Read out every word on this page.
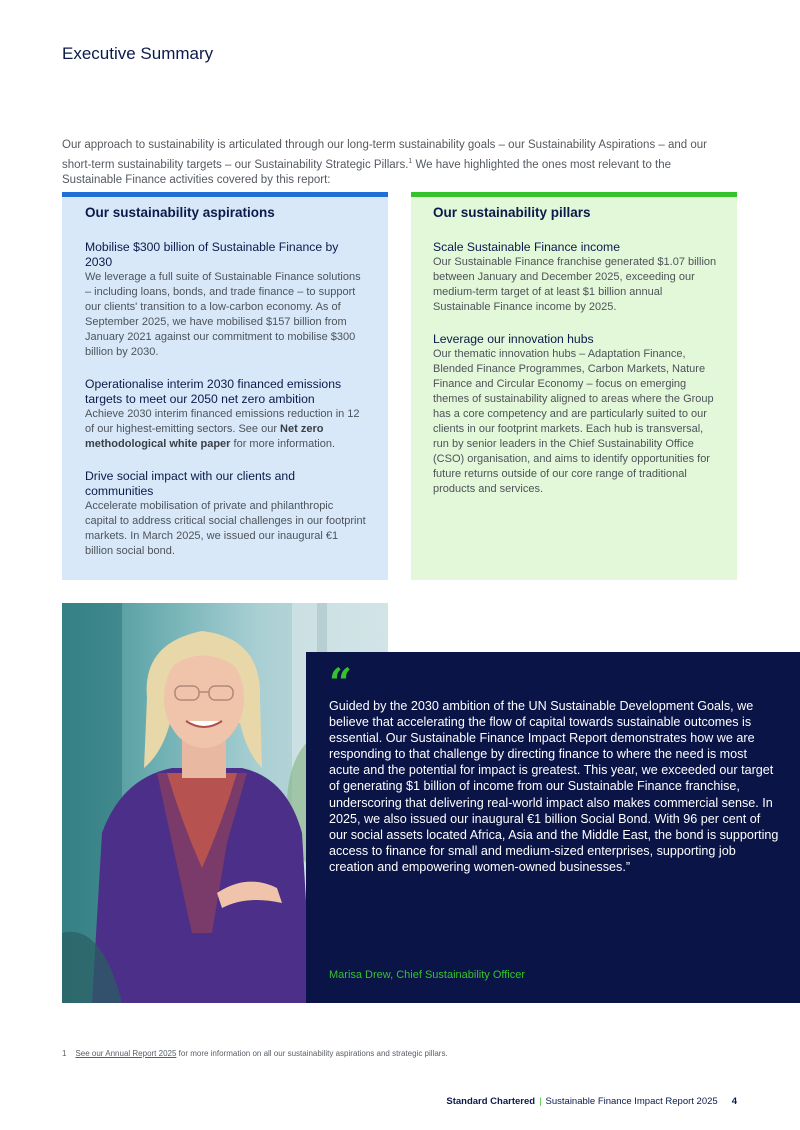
Executive Summary
Our approach to sustainability is articulated through our long-term sustainability goals – our Sustainability Aspirations – and our short-term sustainability targets – our Sustainability Strategic Pillars.$^1$ We have highlighted the ones most relevant to the Sustainable Finance activities covered by this report:
Our sustainability aspirations
Mobilise $300 billion of Sustainable Finance by 2030

We leverage a full suite of Sustainable Finance solutions – including loans, bonds, and trade finance – to support our clients' transition to a low-carbon economy. As of September 2025, we have mobilised $157 billion from January 2021 against our commitment to mobilise $300 billion by 2030.

Operationalise interim 2030 financed emissions targets to meet our 2050 net zero ambition

Achieve 2030 interim financed emissions reduction in 12 of our highest-emitting sectors. See our Net zero methodological white paper for more information.

Drive social impact with our clients and communities

Accelerate mobilisation of private and philanthropic capital to address critical social challenges in our footprint markets. In March 2025, we issued our inaugural €1 billion social bond.

Our sustainability pillars
Scale Sustainable Finance income

Our Sustainable Finance franchise generated $1.07 billion between January and December 2025, exceeding our medium-term target of at least $1 billion annual Sustainable Finance income by 2025.

Leverage our innovation hubs

Our thematic innovation hubs – Adaptation Finance, Blended Finance Programmes, Carbon Markets, Nature Finance and Circular Economy – focus on emerging themes of sustainability aligned to areas where the Group has a core competency and are particularly suited to our clients in our footprint markets. Each hub is transversal, run by senior leaders in the Chief Sustainability Office (CSO) organisation, and aims to identify opportunities for future returns outside of our core range of traditional products and services.

“
Guided by the 2030 ambition of the UN Sustainable Development Goals, we believe that accelerating the flow of capital towards sustainable outcomes is essential. Our Sustainable Finance Impact Report demonstrates how we are responding to that challenge by directing finance to where the need is most acute and the potential for impact is greatest. This year, we exceeded our target of generating $1 billion of income from our Sustainable Finance franchise, underscoring that delivering real-world impact also makes commercial sense. In 2025, we also issued our inaugural €1 billion Social Bond. With 96 per cent of our social assets located Africa, Asia and the Middle East, the bond is supporting access to finance for small and medium-sized enterprises, supporting job creation and empowering women-owned businesses.”
Marisa Drew, Chief Sustainability Officer
1 See our Annual Report 2025 for more information on all our sustainability aspirations and strategic pillars.
Standard Chartered | Sustainable Finance Impact Report 2025 4
